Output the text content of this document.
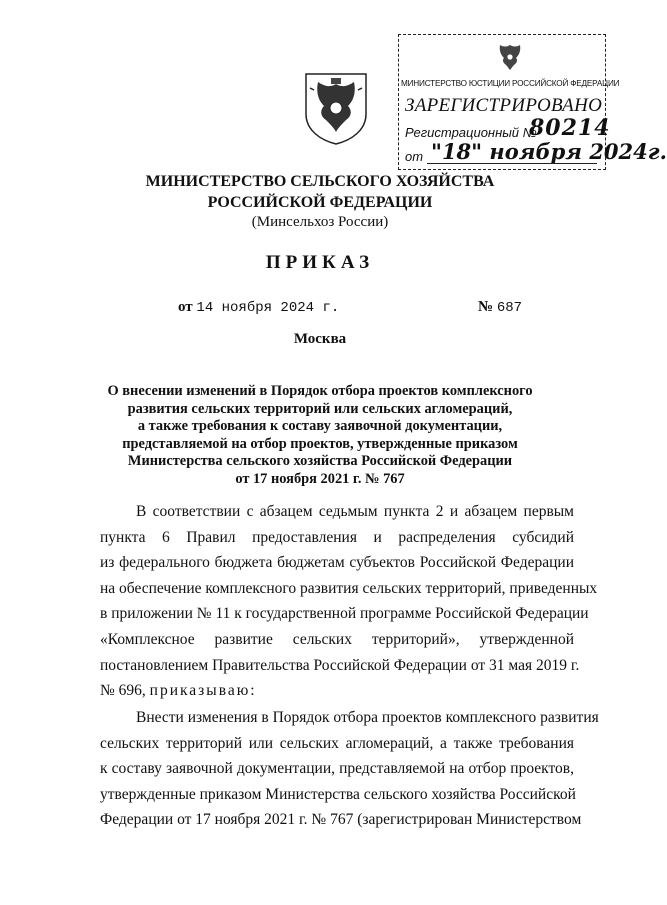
МИНИСТЕРСТВО ЮСТИЦИИ РОССИЙСКОЙ ФЕДЕРАЦИИ
ЗАРЕГИСТРИРОВАНО
Регистрационный №
80214
от "18" ноября 2024г.
МИНИСТЕРСТВО СЕЛЬСКОГО ХОЗЯЙСТВА
РОССИЙСКОЙ ФЕДЕРАЦИИ
(Минсельхоз России)
ПРИКАЗ
от 14 ноября 2024 г.	№ 687
Москва
О внесении изменений в Порядок отбора проектов комплексного
развития сельских территорий или сельских агломераций,
а также требования к составу заявочной документации,
представляемой на отбор проектов, утвержденные приказом
Министерства сельского хозяйства Российской Федерации
от 17 ноября 2021 г. № 767
В соответствии с абзацем седьмым пункта 2 и абзацем первым
пункта 6 Правил предоставления и распределения субсидий
из федерального бюджета бюджетам субъектов Российской Федерации
на обеспечение комплексного развития сельских территорий, приведенных
в приложении № 11 к государственной программе Российской Федерации
«Комплексное развитие сельских территорий», утвержденной
постановлением Правительства Российской Федерации от 31 мая 2019 г.
№ 696, приказываю:
Внести изменения в Порядок отбора проектов комплексного развития
сельских территорий или сельских агломераций, а также требования
к составу заявочной документации, представляемой на отбор проектов,
утвержденные приказом Министерства сельского хозяйства Российской
Федерации от 17 ноября 2021 г. № 767 (зарегистрирован Министерством
